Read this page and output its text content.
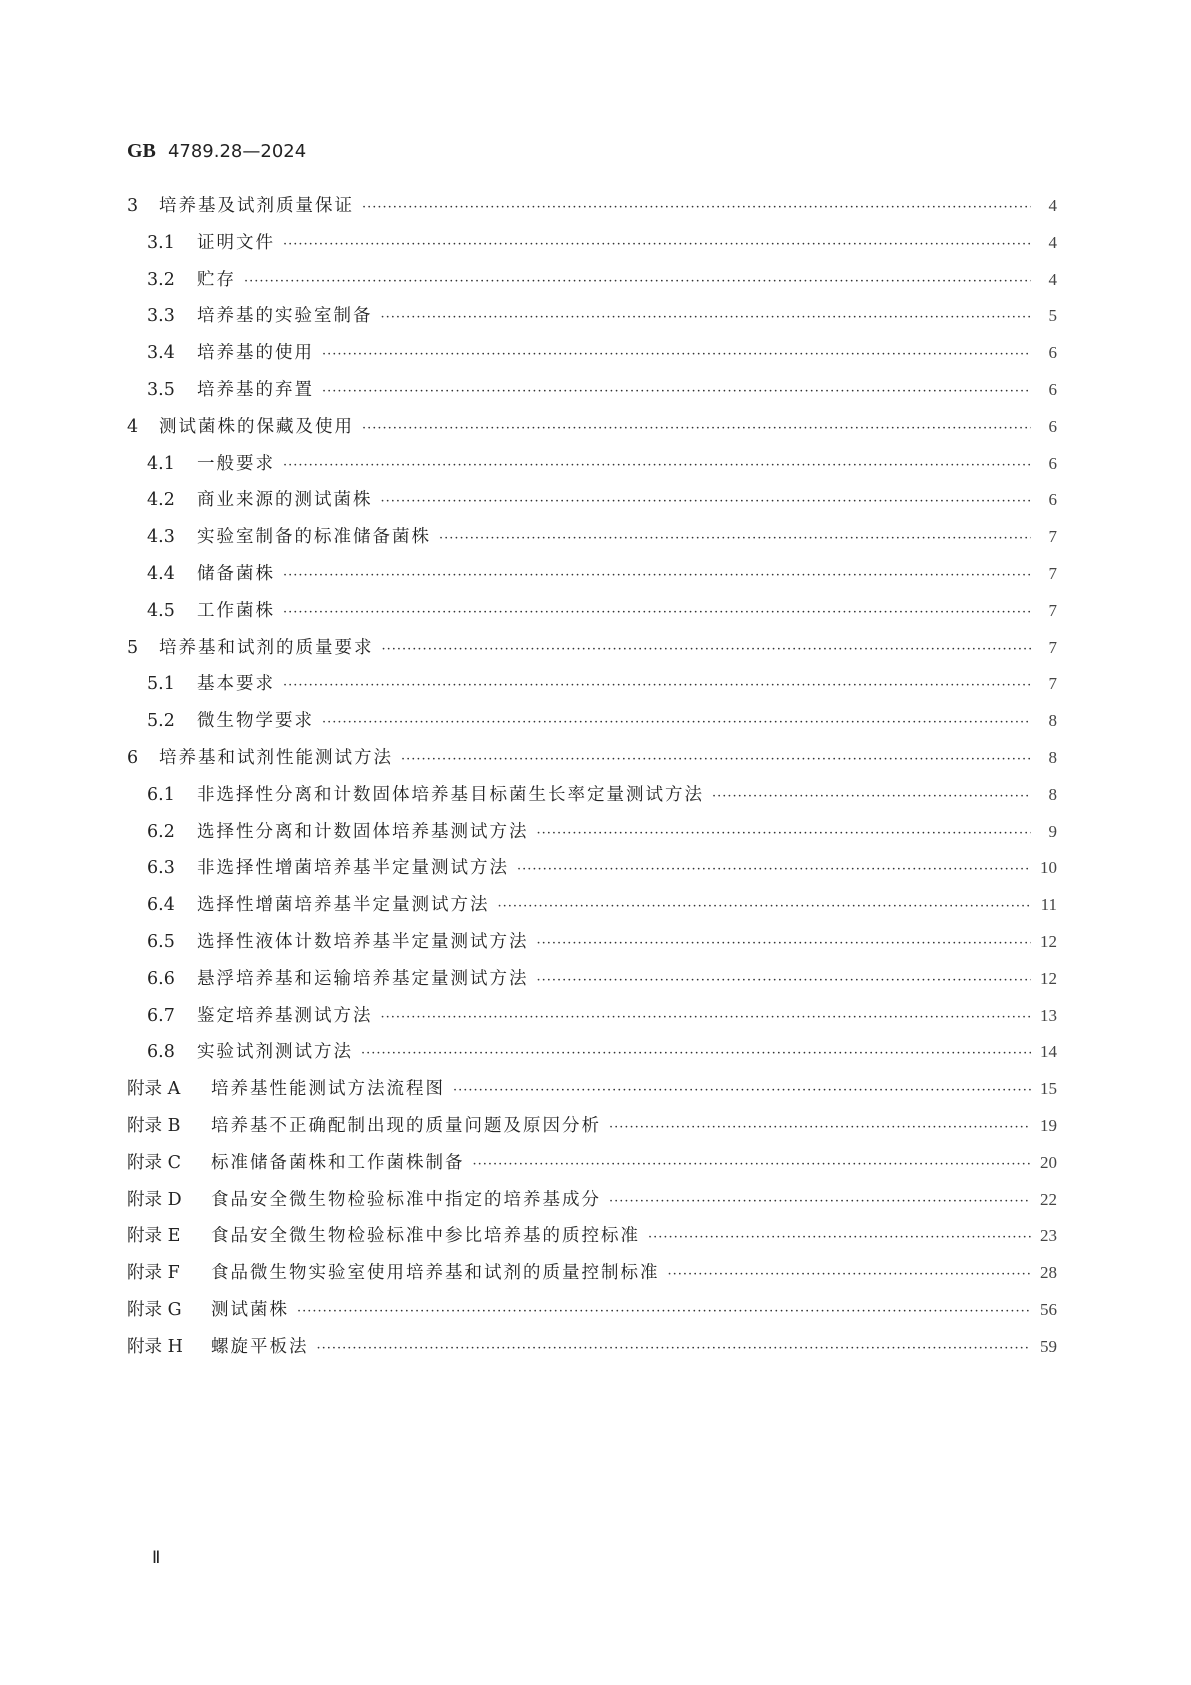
GB 4789.28—2024
3	培养基及试剂质量保证 ·····	4
3.1	证明文件 ·····	4
3.2	贮存 ·····	4
3.3	培养基的实验室制备 ·····	5
3.4	培养基的使用 ·····	6
3.5	培养基的弃置 ·····	6
4	测试菌株的保藏及使用 ·····	6
4.1	一般要求 ·····	6
4.2	商业来源的测试菌株 ·····	6
4.3	实验室制备的标准储备菌株 ·····	7
4.4	储备菌株 ·····	7
4.5	工作菌株 ·····	7
5	培养基和试剂的质量要求 ·····	7
5.1	基本要求 ·····	7
5.2	微生物学要求 ·····	8
6	培养基和试剂性能测试方法 ·····	8
6.1	非选择性分离和计数固体培养基目标菌生长率定量测试方法 ·····	8
6.2	选择性分离和计数固体培养基测试方法 ·····	9
6.3	非选择性增菌培养基半定量测试方法 ·····	10
6.4	选择性增菌培养基半定量测试方法 ·····	11
6.5	选择性液体计数培养基半定量测试方法 ·····	12
6.6	悬浮培养基和运输培养基定量测试方法 ·····	12
6.7	鉴定培养基测试方法 ·····	13
6.8	实验试剂测试方法 ·····	14
附录 A	培养基性能测试方法流程图 ·····	15
附录 B	培养基不正确配制出现的质量问题及原因分析 ·····	19
附录 C	标准储备菌株和工作菌株制备 ·····	20
附录 D	食品安全微生物检验标准中指定的培养基成分 ·····	22
附录 E	食品安全微生物检验标准中参比培养基的质控标准 ·····	23
附录 F	食品微生物实验室使用培养基和试剂的质量控制标准 ·····	28
附录 G	测试菌株 ·····	56
附录 H	螺旋平板法 ·····	59
Ⅱ
